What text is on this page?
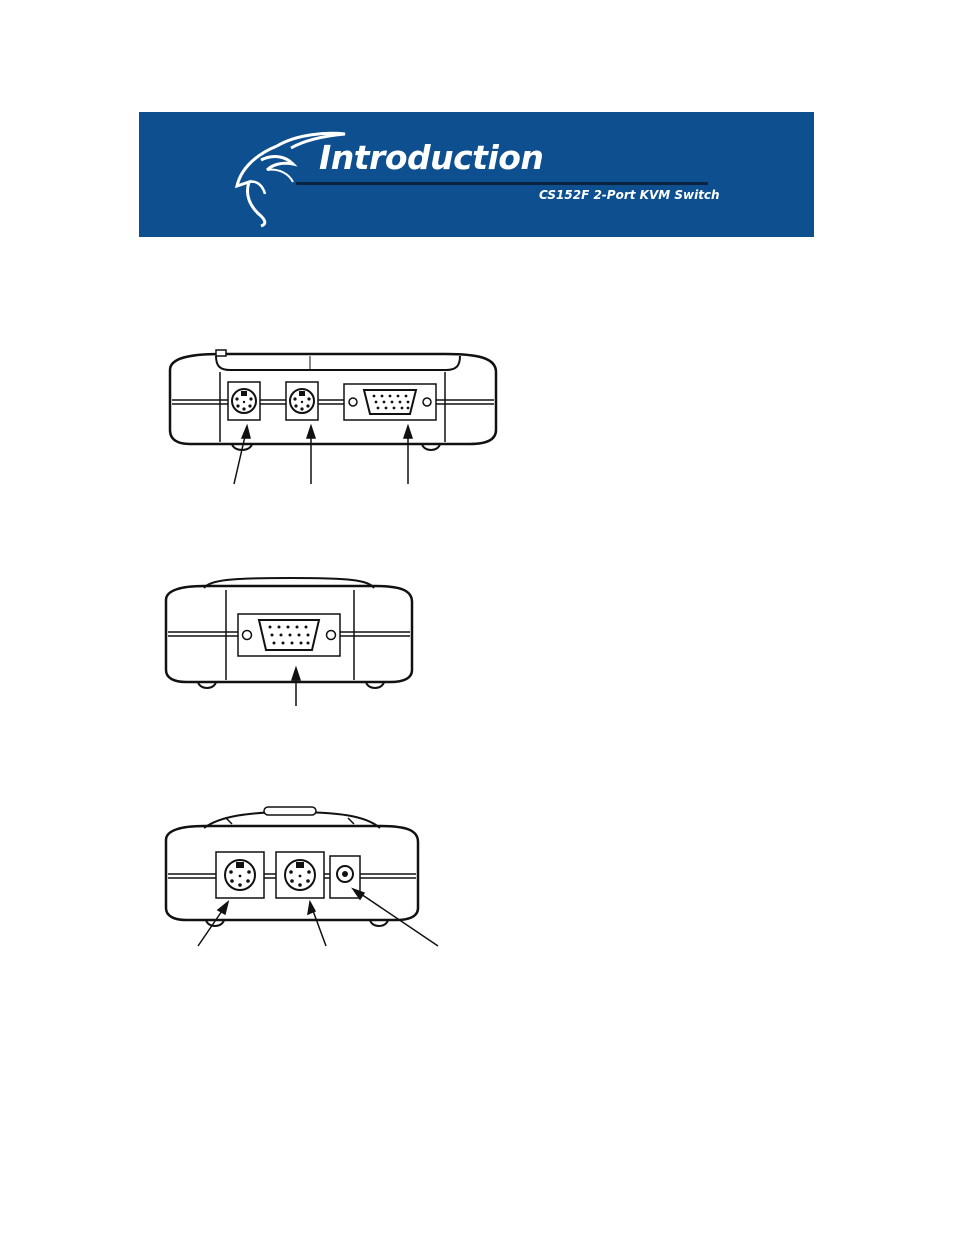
Introduction
CS152F 2-Port KVM Switch
